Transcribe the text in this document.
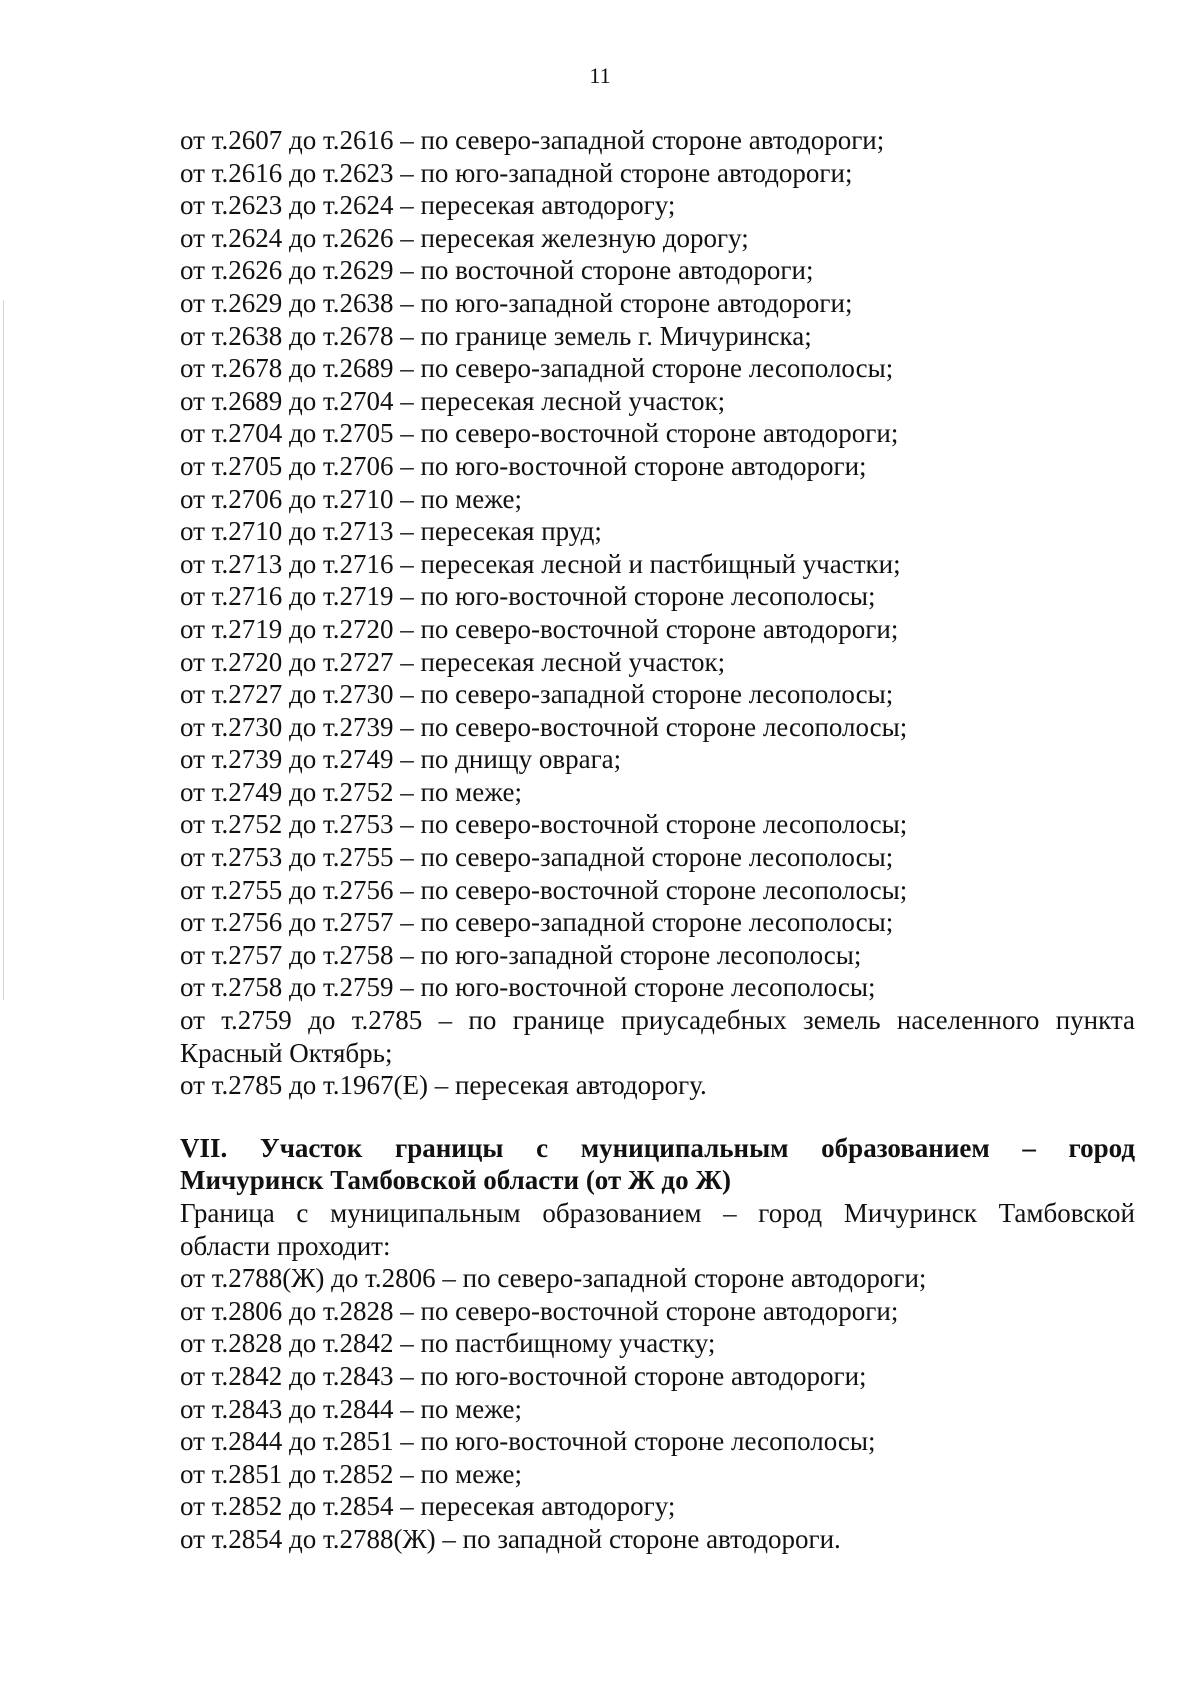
11
от т.2607 до т.2616 – по северо-западной стороне автодороги;
от т.2616 до т.2623 – по юго-западной стороне автодороги;
от т.2623 до т.2624 – пересекая автодорогу;
от т.2624 до т.2626 – пересекая железную дорогу;
от т.2626 до т.2629 – по восточной стороне автодороги;
от т.2629 до т.2638 – по юго-западной стороне автодороги;
от т.2638 до т.2678 – по границе земель г. Мичуринска;
от т.2678 до т.2689 – по северо-западной стороне лесополосы;
от т.2689 до т.2704 – пересекая лесной участок;
от т.2704 до т.2705 – по северо-восточной стороне автодороги;
от т.2705 до т.2706 – по юго-восточной стороне автодороги;
от т.2706 до т.2710 – по меже;
от т.2710 до т.2713 – пересекая пруд;
от т.2713 до т.2716 – пересекая лесной и пастбищный участки;
от т.2716 до т.2719 – по юго-восточной стороне лесополосы;
от т.2719 до т.2720 – по северо-восточной стороне автодороги;
от т.2720 до т.2727 – пересекая лесной участок;
от т.2727 до т.2730 – по северо-западной стороне лесополосы;
от т.2730 до т.2739 – по северо-восточной стороне лесополосы;
от т.2739 до т.2749 – по днищу оврага;
от т.2749 до т.2752 – по меже;
от т.2752 до т.2753 – по северо-восточной стороне лесополосы;
от т.2753 до т.2755 – по северо-западной стороне лесополосы;
от т.2755 до т.2756 – по северо-восточной стороне лесополосы;
от т.2756 до т.2757 – по северо-западной стороне лесополосы;
от т.2757 до т.2758 – по юго-западной стороне лесополосы;
от т.2758 до т.2759 – по юго-восточной стороне лесополосы;
от т.2759 до т.2785 – по границе приусадебных земель населенного пункта
Красный Октябрь;
от т.2785 до т.1967(Е) – пересекая автодорогу.
VII. Участок границы с муниципальным образованием – город
Мичуринск Тамбовской области (от Ж до Ж)
Граница с муниципальным образованием – город Мичуринск Тамбовской
области проходит:
от т.2788(Ж) до т.2806 – по северо-западной стороне автодороги;
от т.2806 до т.2828 – по северо-восточной стороне автодороги;
от т.2828 до т.2842 – по пастбищному участку;
от т.2842 до т.2843 – по юго-восточной стороне автодороги;
от т.2843 до т.2844 – по меже;
от т.2844 до т.2851 – по юго-восточной стороне лесополосы;
от т.2851 до т.2852 – по меже;
от т.2852 до т.2854 – пересекая автодорогу;
от т.2854 до т.2788(Ж) – по западной стороне автодороги.
